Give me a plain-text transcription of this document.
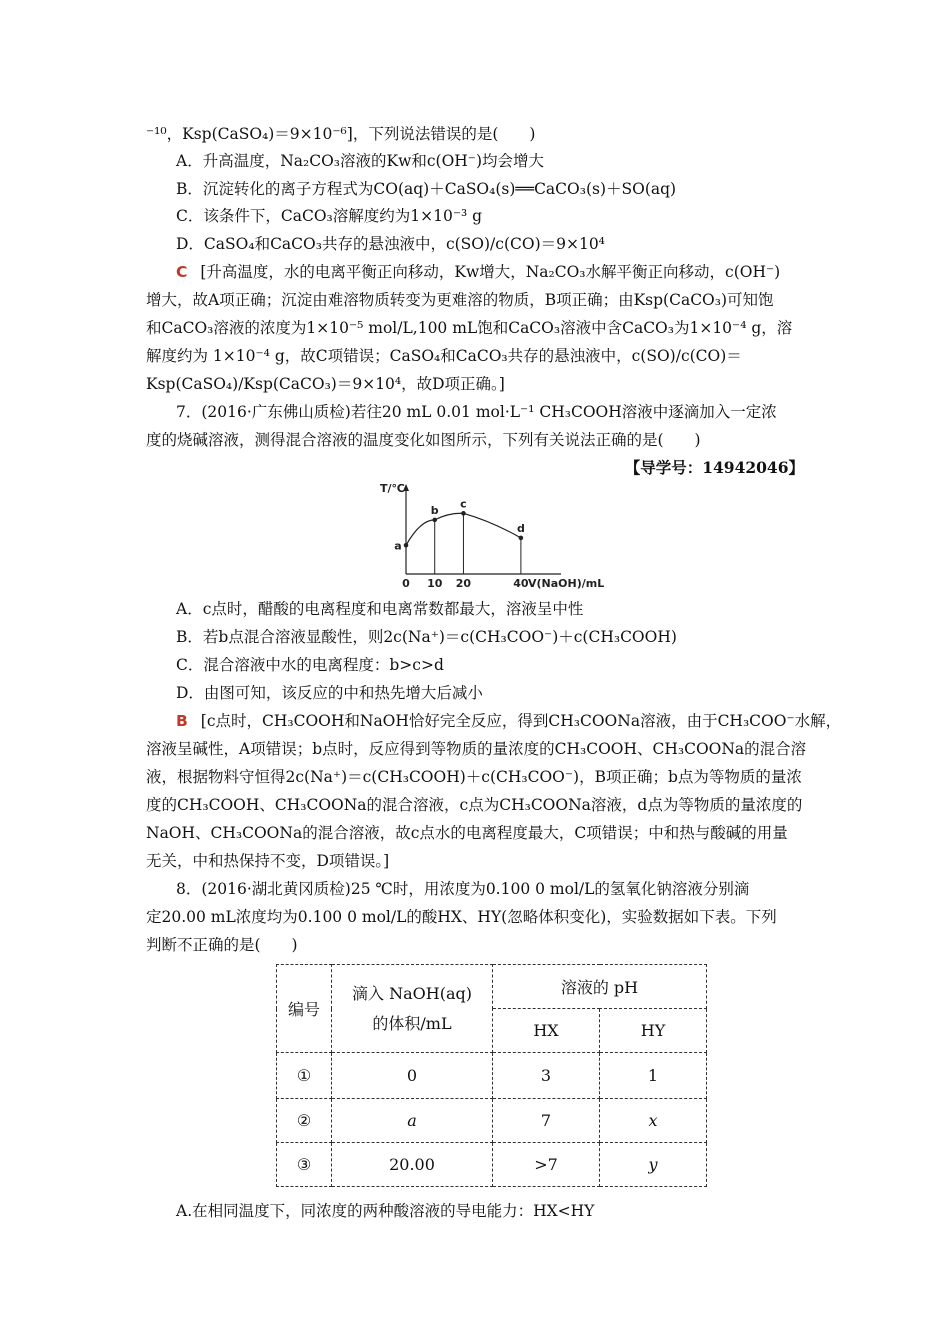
⁻¹⁰，Ksp(CaSO₄)＝9×10⁻⁶]，下列说法错误的是(　　)
A．升高温度，Na₂CO₃溶液的Kw和c(OH⁻)均会增大
B．沉淀转化的离子方程式为CO(aq)＋CaSO₄(s)══CaCO₃(s)＋SO(aq)
C．该条件下，CaCO₃溶解度约为1×10⁻³ g
D．CaSO₄和CaCO₃共存的悬浊液中，c(SO)/c(CO)＝9×10⁴
C [升高温度，水的电离平衡正向移动，Kw增大，Na₂CO₃水解平衡正向移动，c(OH⁻)
增大，故A项正确；沉淀由难溶物质转变为更难溶的物质，B项正确；由Ksp(CaCO₃)可知饱
和CaCO₃溶液的浓度为1×10⁻⁵ mol/L,100 mL饱和CaCO₃溶液中含CaCO₃为1×10⁻⁴ g，溶
解度约为 1×10⁻⁴ g，故C项错误；CaSO₄和CaCO₃共存的悬浊液中，c(SO)/c(CO)＝
Ksp(CaSO₄)/Ksp(CaCO₃)＝9×10⁴，故D项正确。]
7．(2016·广东佛山质检)若往20 mL 0.01 mol·L⁻¹ CH₃COOH溶液中逐滴加入一定浓
度的烧碱溶液，测得混合溶液的温度变化如图所示，下列有关说法正确的是(　　)
【导学号：14942046】
0 10 20	40
a
b
c
d
T/℃
V(NaOH)/mL
A．c点时，醋酸的电离程度和电离常数都最大，溶液呈中性
B．若b点混合溶液显酸性，则2c(Na⁺)＝c(CH₃COO⁻)＋c(CH₃COOH)
C．混合溶液中水的电离程度：b>c>d
D．由图可知，该反应的中和热先增大后减小
B [c点时，CH₃COOH和NaOH恰好完全反应，得到CH₃COONa溶液，由于CH₃COO⁻水解，
溶液呈碱性，A项错误；b点时，反应得到等物质的量浓度的CH₃COOH、CH₃COONa的混合溶
液，根据物料守恒得2c(Na⁺)＝c(CH₃COOH)＋c(CH₃COO⁻)，B项正确；b点为等物质的量浓
度的CH₃COOH、CH₃COONa的混合溶液，c点为CH₃COONa溶液，d点为等物质的量浓度的
NaOH、CH₃COONa的混合溶液，故c点水的电离程度最大，C项错误；中和热与酸碱的用量
无关，中和热保持不变，D项错误。]
8．(2016·湖北黄冈质检)25 ℃时，用浓度为0.100 0 mol/L的氢氧化钠溶液分别滴
定20.00 mL浓度均为0.100 0 mol/L的酸HX、HY(忽略体积变化)，实验数据如下表。下列
判断不正确的是(　　)
编号	滴入 NaOH(aq)
的体积/mL	溶液的 pH	
		HX	HY
①	0	3	1
②	a	7	x
③	20.00	>7	y
A.在相同温度下，同浓度的两种酸溶液的导电能力：HX<HY
